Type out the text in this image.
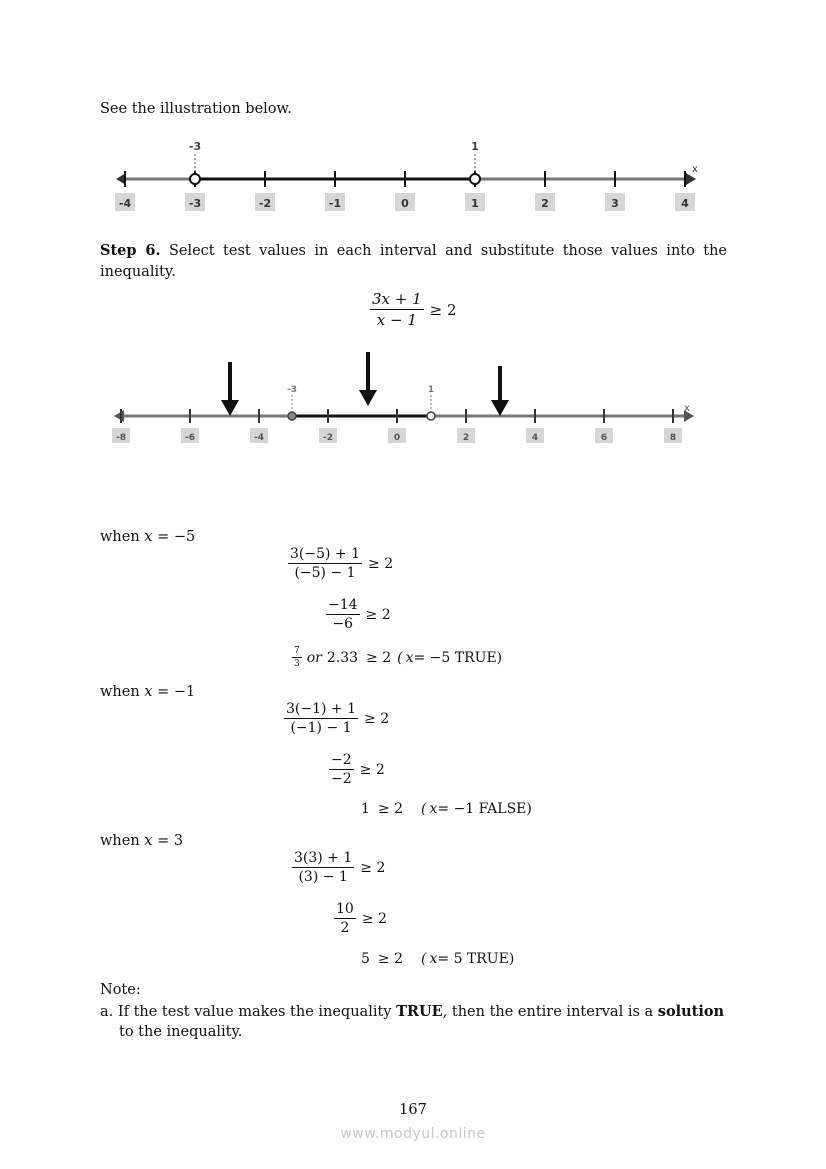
See the illustration below.
x
-3	1
-4	-3	-2	-1	0	1	2	3	4
Step 6. Select test values in each interval and substitute those values into the inequality.
$\frac{3x + 1}{x - 1} \ge 2$
x
-3	1
-8	-6	-4	-2	0	2	4	6	8
when x = −5
$\frac{3(-5) + 1}{(-5) - 1} \ge 2$
$\frac{-14}{-6} \ge 2$
$\frac{7}{3}$ or 2.33 ≥ 2 ( x = −5 TRUE)
when x = −1
$\frac{3(-1) + 1}{(-1) - 1} \ge 2$
$\frac{-2}{-2} \ge 2$
1 ≥ 2 ( x = −1 FALSE)
when x = 3
$\frac{3(3) + 1}{(3) - 1} \ge 2$
$\frac{10}{2} \ge 2$
5 ≥ 2 ( x = 5 TRUE)
Note:
a. If the test value makes the inequality TRUE, then the entire interval is a solution
to the inequality.
167
www.modyul.online
